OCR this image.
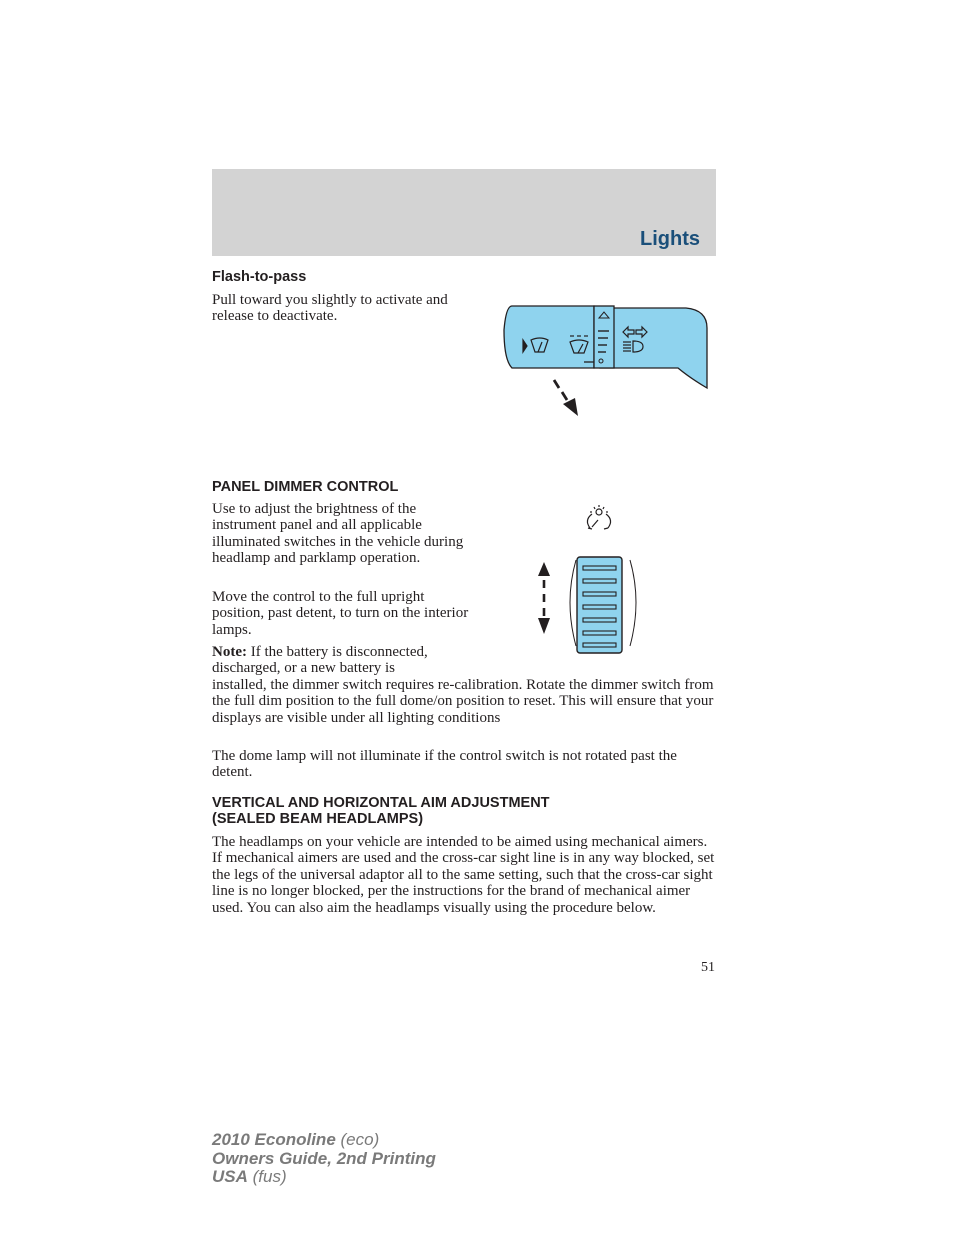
Lights
Flash-to-pass

Pull toward you slightly to activate and release to deactivate.

PANEL DIMMER CONTROL

Use to adjust the brightness of the instrument panel and all applicable illuminated switches in the vehicle during headlamp and parklamp operation.

Move the control to the full upright position, past detent, to turn on the interior lamps.

Note: If the battery is disconnected,
discharged, or a new battery is

installed, the dimmer switch requires re-calibration. Rotate the dimmer switch from the full dim position to the full dome/on position to reset. This will ensure that your displays are visible under all lighting conditions

The dome lamp will not illuminate if the control switch is not rotated past the detent.

VERTICAL AND HORIZONTAL AIM ADJUSTMENT
(SEALED BEAM HEADLAMPS)

The headlamps on your vehicle are intended to be aimed using mechanical aimers. If mechanical aimers are used and the cross-car sight line is in any way blocked, set the legs of the universal adaptor all to the same setting, such that the cross-car sight line is no longer blocked, per the instructions for the brand of mechanical aimer used. You can also aim the headlamps visually using the procedure below.

51

2010 Econoline (eco)
Owners Guide, 2nd Printing
USA (fus)
